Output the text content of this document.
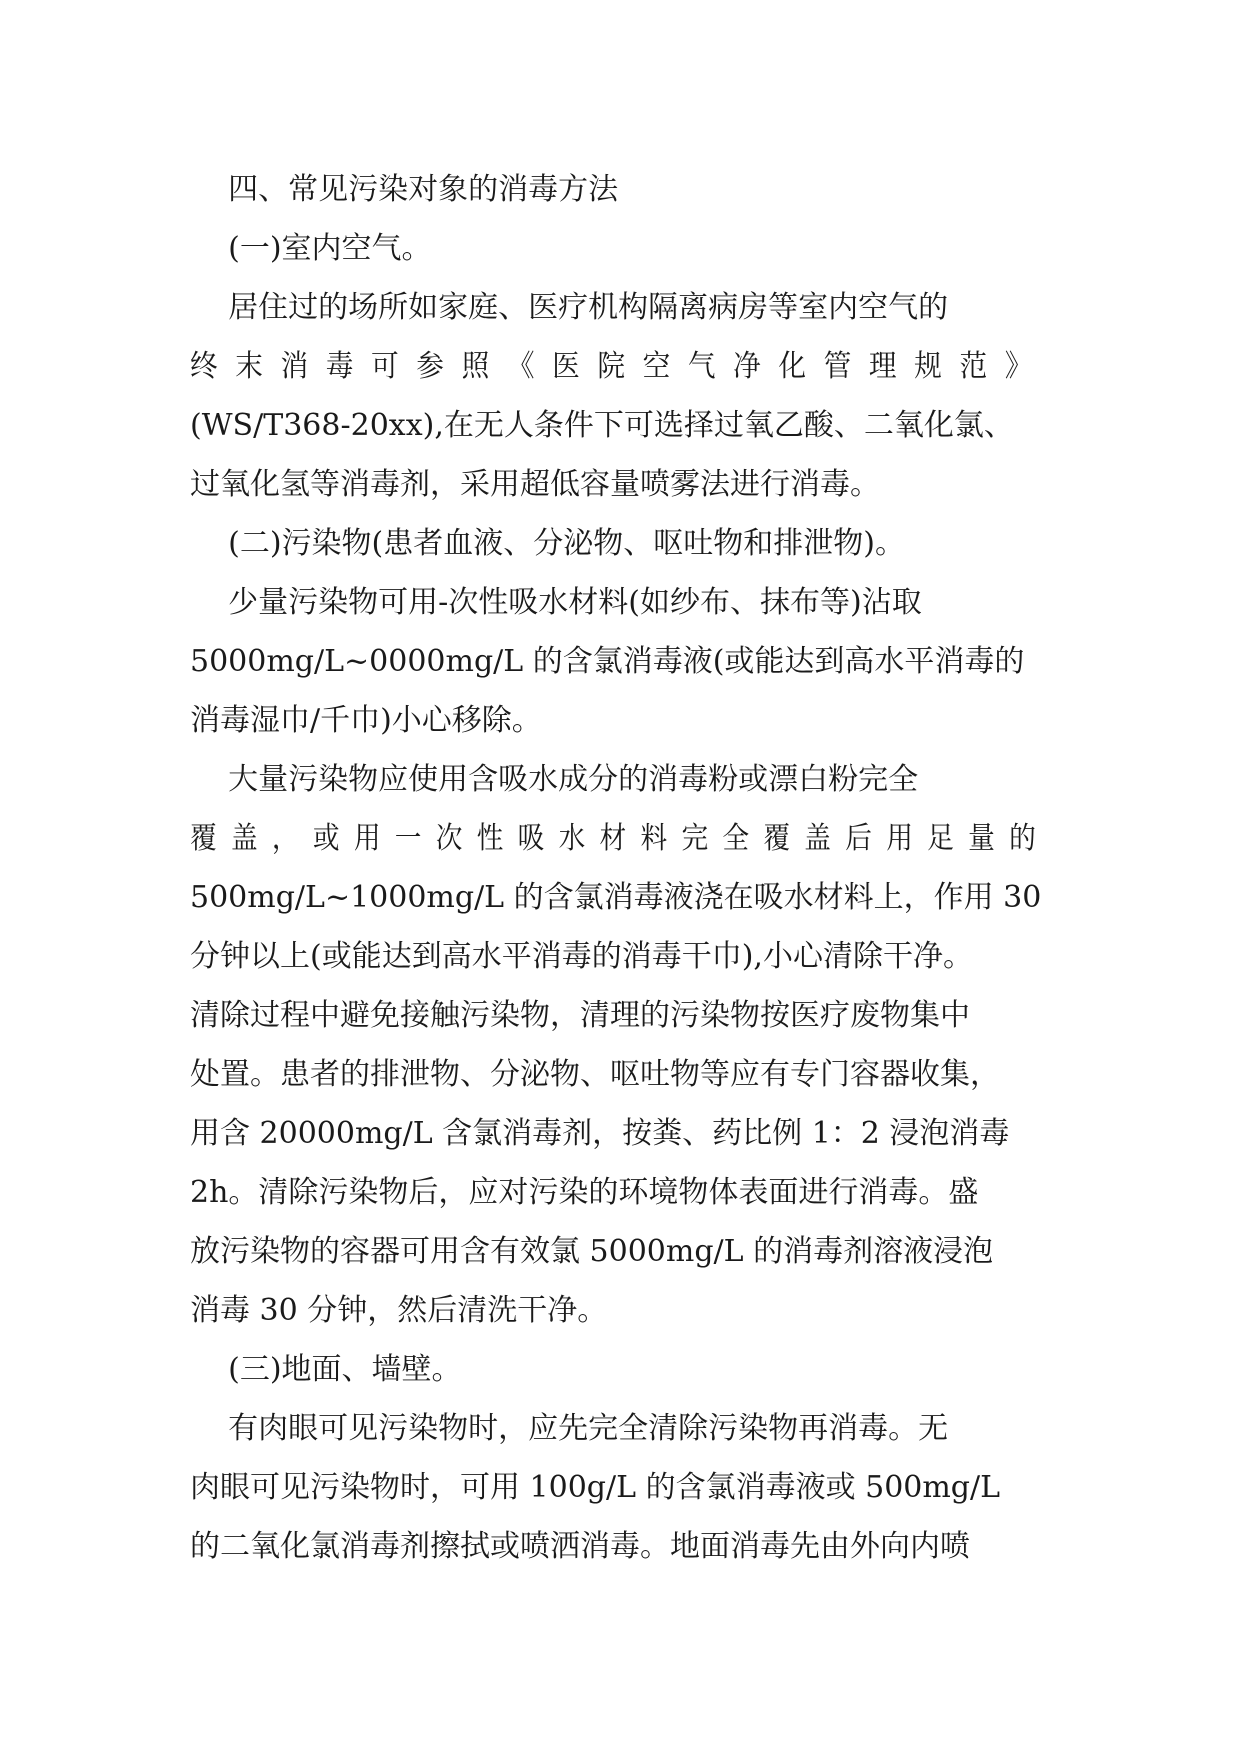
四、常见污染对象的消毒方法
(一)室内空气。
居住过的场所如家庭、医疗机构隔离病房等室内空气的
终末消毒可参照《医院空气净化管理规范》
(WS/T368-20xx),在无人条件下可选择过氧乙酸、二氧化氯、
过氧化氢等消毒剂，采用超低容量喷雾法进行消毒。
(二)污染物(患者血液、分泌物、呕吐物和排泄物)。
少量污染物可用-次性吸水材料(如纱布、抹布等)沾取
5000mg/L~0000mg/L 的含氯消毒液(或能达到高水平消毒的
消毒湿巾/千巾)小心移除。
大量污染物应使用含吸水成分的消毒粉或漂白粉完全
覆盖，或用一次性吸水材料完全覆盖后用足量的
500mg/L~1000mg/L 的含氯消毒液浇在吸水材料上，作用 30
分钟以上(或能达到高水平消毒的消毒干巾),小心清除干净。
清除过程中避免接触污染物，清理的污染物按医疗废物集中
处置。患者的排泄物、分泌物、呕吐物等应有专门容器收集，
用含 20000mg/L 含氯消毒剂，按粪、药比例 1：2 浸泡消毒
2h。清除污染物后，应对污染的环境物体表面进行消毒。盛
放污染物的容器可用含有效氯 5000mg/L 的消毒剂溶液浸泡
消毒 30 分钟，然后清洗干净。
(三)地面、墙壁。
有肉眼可见污染物时，应先完全清除污染物再消毒。无
肉眼可见污染物时，可用 100g/L 的含氯消毒液或 500mg/L
的二氧化氯消毒剂擦拭或喷洒消毒。地面消毒先由外向内喷
